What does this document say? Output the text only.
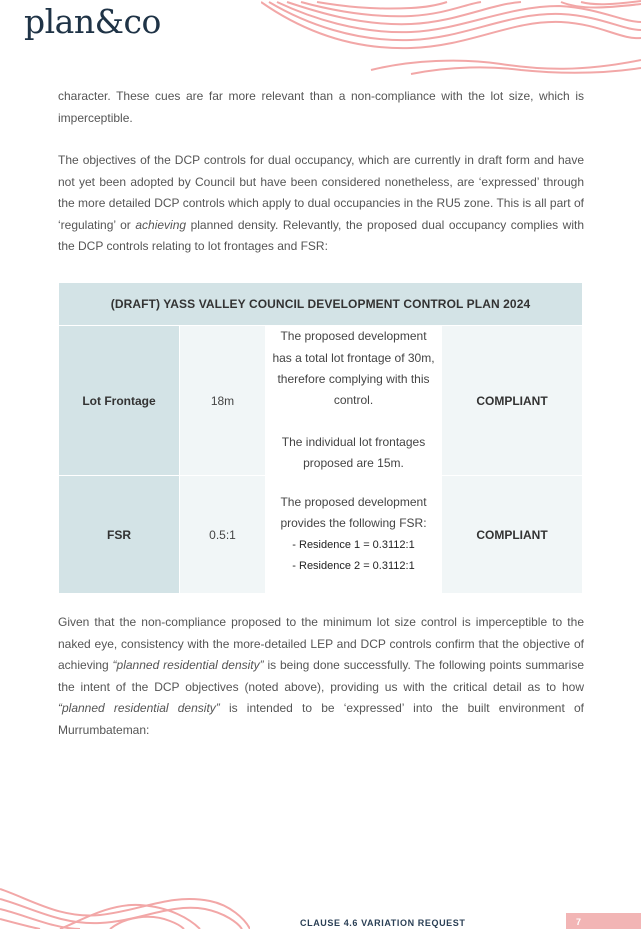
plan&co

character. These cues are far more relevant than a non-compliance with the lot size, which is imperceptible.

The objectives of the DCP controls for dual occupancy, which are currently in draft form and have not yet been adopted by Council but have been considered nonetheless, are ‘expressed’ through the more detailed DCP controls which apply to dual occupancies in the RU5 zone. This is all part of ‘regulating’ or achieving planned density. Relevantly, the proposed dual occupancy complies with the DCP controls relating to lot frontages and FSR:

(DRAFT) YASS VALLEY COUNCIL DEVELOPMENT CONTROL PLAN 2024			
Lot Frontage	18m	The proposed development has a total lot frontage of 30m, therefore complying with this control.
The individual lot frontages proposed are 15m.	COMPLIANT
FSR	0.5:1	The proposed development provides the following FSR:
- Residence 1 = 0.3112:1
- Residence 2 = 0.3112:1	COMPLIANT

Given that the non-compliance proposed to the minimum lot size control is imperceptible to the naked eye, consistency with the more-detailed LEP and DCP controls confirm that the objective of achieving “planned residential density” is being done successfully. The following points summarise the intent of the DCP objectives (noted above), providing us with the critical detail as to how “planned residential density” is intended to be ‘expressed’ into the built environment of Murrumbateman:

CLAUSE 4.6 VARIATION REQUEST	7
